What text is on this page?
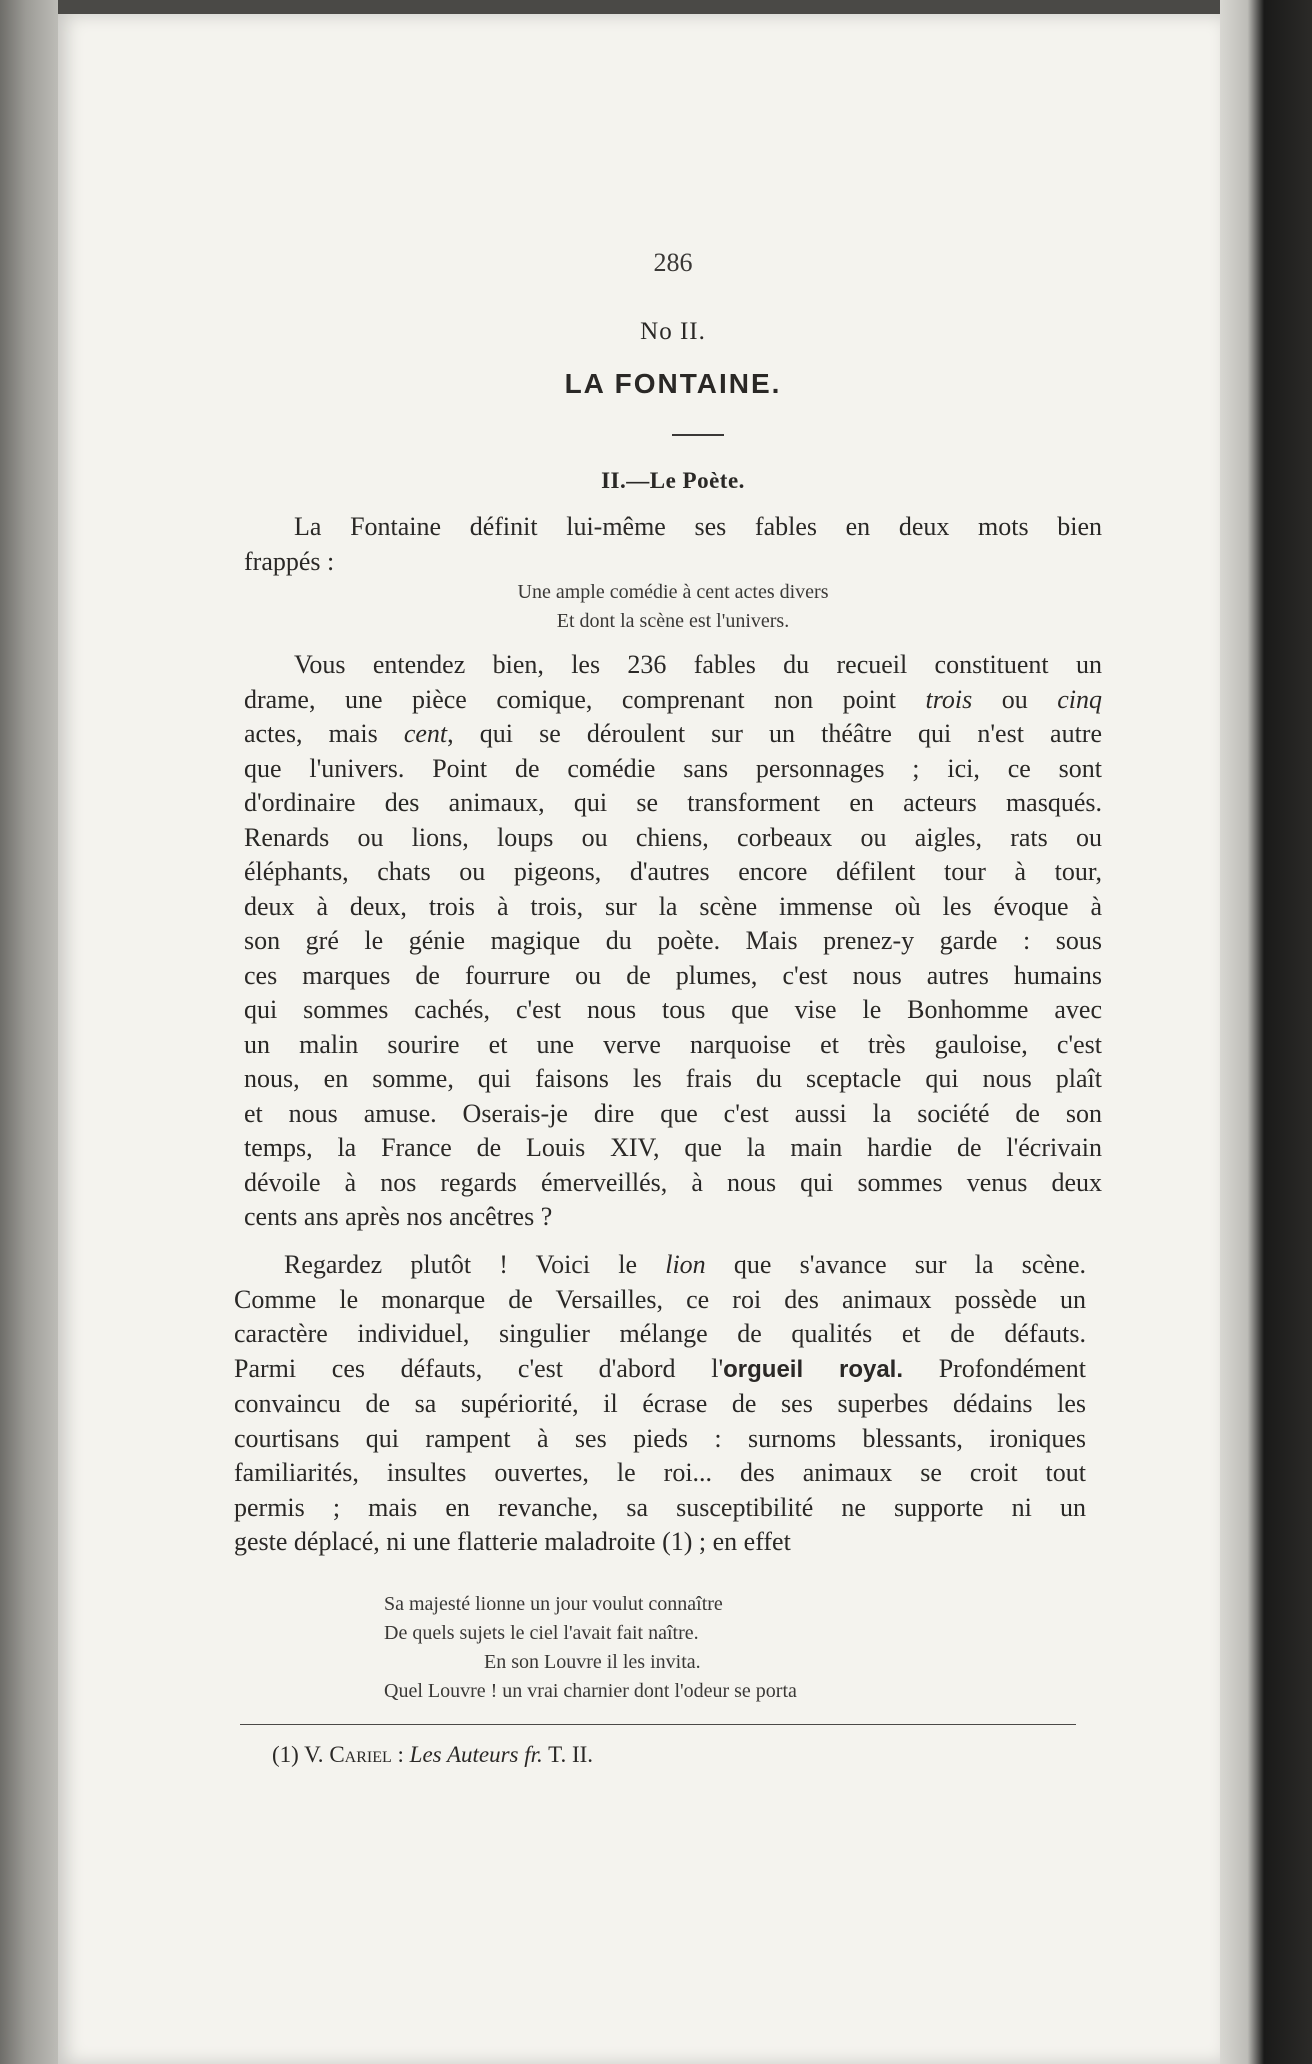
286
No II.
LA FONTAINE.
II.—Le Poète.
La Fontaine définit lui-même ses fables en deux mots bien
frappés :
Une ample comédie à cent actes divers
Et dont la scène est l'univers.
Vous entendez bien, les 236 fables du recueil constituent un
drame, une pièce comique, comprenant non point trois ou cinq
actes, mais cent, qui se déroulent sur un théâtre qui n'est autre
que l'univers. Point de comédie sans personnages ; ici, ce sont
d'ordinaire des animaux, qui se transforment en acteurs masqués.
Renards ou lions, loups ou chiens, corbeaux ou aigles, rats ou
éléphants, chats ou pigeons, d'autres encore défilent tour à tour,
deux à deux, trois à trois, sur la scène immense où les évoque à
son gré le génie magique du poète. Mais prenez-y garde : sous
ces marques de fourrure ou de plumes, c'est nous autres humains
qui sommes cachés, c'est nous tous que vise le Bonhomme avec
un malin sourire et une verve narquoise et très gauloise, c'est
nous, en somme, qui faisons les frais du sceptacle qui nous plaît
et nous amuse. Oserais-je dire que c'est aussi la société de son
temps, la France de Louis XIV, que la main hardie de l'écrivain
dévoile à nos regards émerveillés, à nous qui sommes venus deux
cents ans après nos ancêtres ?
Regardez plutôt ! Voici le lion que s'avance sur la scène.
Comme le monarque de Versailles, ce roi des animaux possède un
caractère individuel, singulier mélange de qualités et de défauts.
Parmi ces défauts, c'est d'abord l'orgueil royal. Profondément
convaincu de sa supériorité, il écrase de ses superbes dédains les
courtisans qui rampent à ses pieds : surnoms blessants, ironiques
familiarités, insultes ouvertes, le roi... des animaux se croit tout
permis ; mais en revanche, sa susceptibilité ne supporte ni un
geste déplacé, ni une flatterie maladroite (1) ; en effet
Sa majesté lionne un jour voulut connaître
De quels sujets le ciel l'avait fait naître.
En son Louvre il les invita.
Quel Louvre ! un vrai charnier dont l'odeur se porta
(1) V. Cariel : Les Auteurs fr. T. II.
